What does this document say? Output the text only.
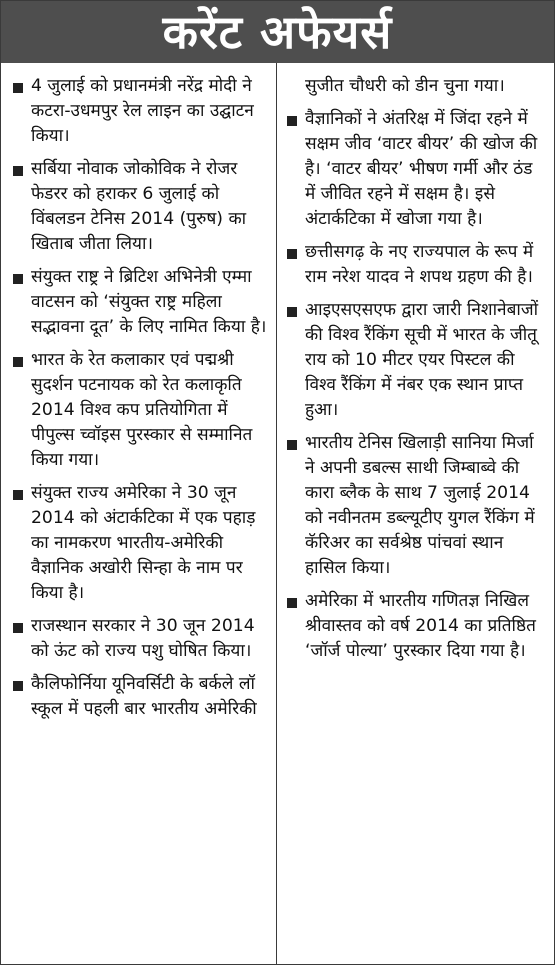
करेंट अफेयर्स
4 जुलाई को प्रधानमंत्री नरेंद्र मोदी ने कटरा-उधमपुर रेल लाइन का उद्घाटन किया।
सर्बिया नोवाक जोकोविक ने रोजर फेडरर को हराकर 6 जुलाई को विंबलडन टेनिस 2014 (पुरुष) का खिताब जीता लिया।
संयुक्त राष्ट्र ने ब्रिटिश अभिनेत्री एम्मा वाटसन को ‘संयुक्त राष्ट्र महिला सद्भावना दूत’ के लिए नामित किया है।
भारत के रेत कलाकार एवं पद्मश्री सुदर्शन पटनायक को रेत कलाकृति 2014 विश्व कप प्रतियोगिता में पीपुल्स च्वॉइस पुरस्कार से सम्मानित किया गया।
संयुक्त राज्य अमेरिका ने 30 जून 2014 को अंटार्कटिका में एक पहाड़ का नामकरण भारतीय-अमेरिकी वैज्ञानिक अखोरी सिन्हा के नाम पर किया है।
राजस्थान सरकार ने 30 जून 2014 को ऊंट को राज्य पशु घोषित किया।
कैलिफोर्निया यूनिवर्सिटी के बर्कले लॉ स्कूल में पहली बार भारतीय अमेरिकी
सुजीत चौधरी को डीन चुना गया।
वैज्ञानिकों ने अंतरिक्ष में जिंदा रहने में सक्षम जीव ‘वाटर बीयर’ की खोज की है। ‘वाटर बीयर’ भीषण गर्मी और ठंड में जीवित रहने में सक्षम है। इसे अंटार्कटिका में खोजा गया है।
छत्तीसगढ़ के नए राज्यपाल के रूप में राम नरेश यादव ने शपथ ग्रहण की है।
आइएसएसएफ द्वारा जारी निशानेबाजों की विश्व रैंकिंग सूची में भारत के जीतू राय को 10 मीटर एयर पिस्टल की विश्व रैंकिंग में नंबर एक स्थान प्राप्त हुआ।
भारतीय टेनिस खिलाड़ी सानिया मिर्जा ने अपनी डबल्स साथी जिम्बाब्वे की कारा ब्लैक के साथ 7 जुलाई 2014 को नवीनतम डब्ल्यूटीए युगल रैंकिंग में कॅरिअर का सर्वश्रेष्ठ पांचवां स्थान हासिल किया।
अमेरिका में भारतीय गणितज्ञ निखिल श्रीवास्तव को वर्ष 2014 का प्रतिष्ठित ‘जॉर्ज पोल्या’ पुरस्कार दिया गया है।
